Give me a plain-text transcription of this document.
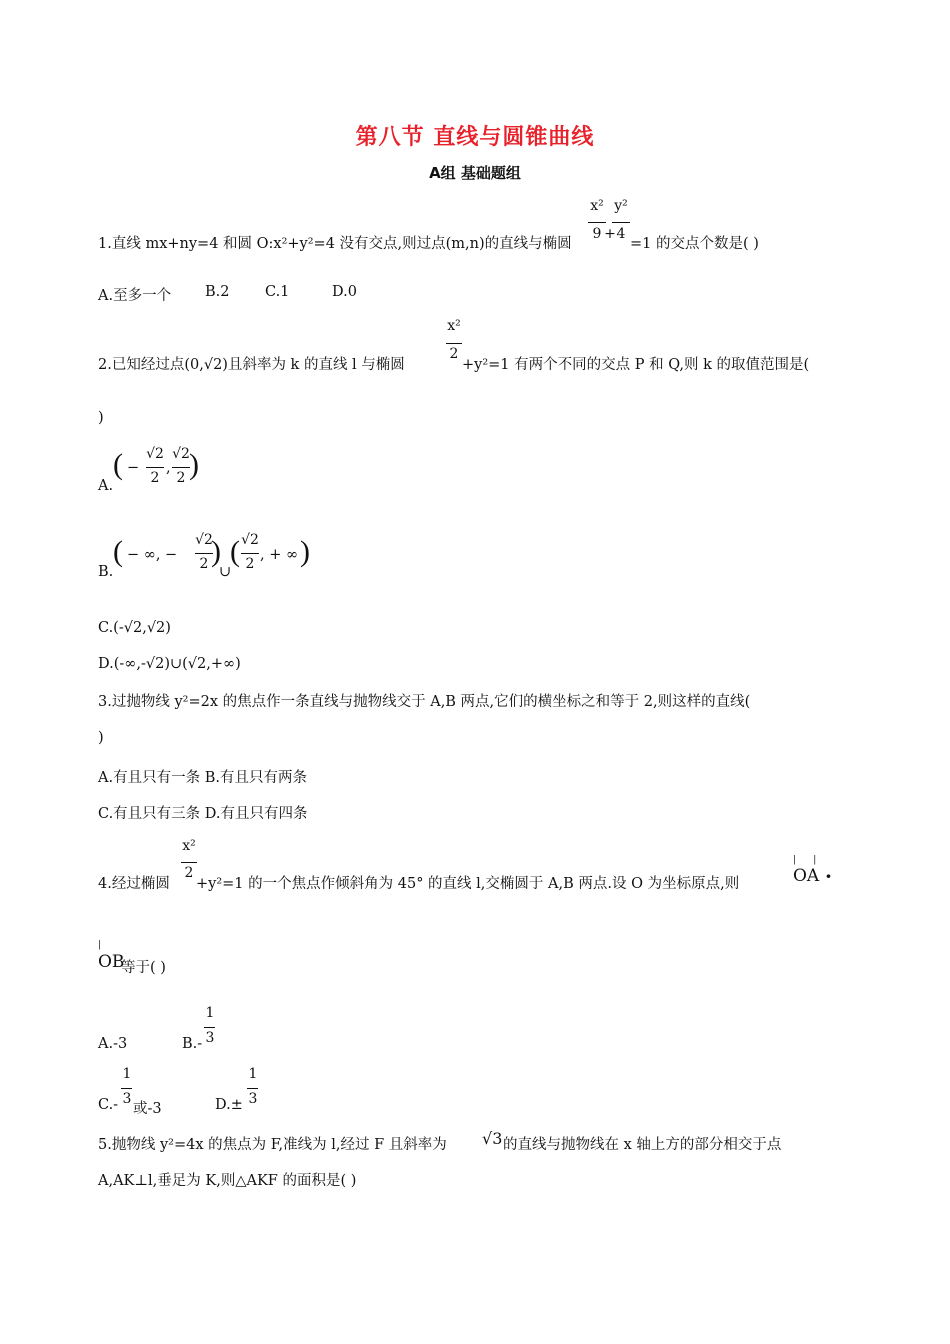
第八节 直线与圆锥曲线
A组 基础题组
1.直线 mx+ny=4 和圆 O:x²+y²=4 没有交点,则过点(m,n)的直线与椭圆
x²
9 +
y²
4
=1 的交点个数是( )
A.至多一个 B.2 C.1	D.0
2.已知经过点(0,√2)且斜率为 k 的直线 l 与椭圆
x²
2
+y²=1 有两个不同的交点 P 和 Q,则 k 的取值范围是(
)
A.
( −
√2
2
,
√2
2 )
B.
( − ∞, −
√2
2 )
∪
( √2
2
, + ∞ )
C.(-√2,√2)
D.(-∞,-√2)∪(√2,+∞)
3.过抛物线 y²=2x 的焦点作一条直线与抛物线交于 A,B 两点,它们的横坐标之和等于 2,则这样的直线(
)
A.有且只有一条 B.有且只有两条
C.有且只有三条 D.有且只有四条
4.经过椭圆
x²
2
+y²=1 的一个焦点作倾斜角为 45° 的直线 l,交椭圆于 A,B 两点.设 O 为坐标原点,则
|      |
OA ·
|
OB
等于( )
A.-3	B.-
1
3
C.-
1
3
或-3	D.±
1
3
5.抛物线 y²=4x 的焦点为 F,准线为 l,经过 F 且斜率为 √3 的直线与抛物线在 x 轴上方的部分相交于点
A,AK⊥l,垂足为 K,则△AKF 的面积是( )
